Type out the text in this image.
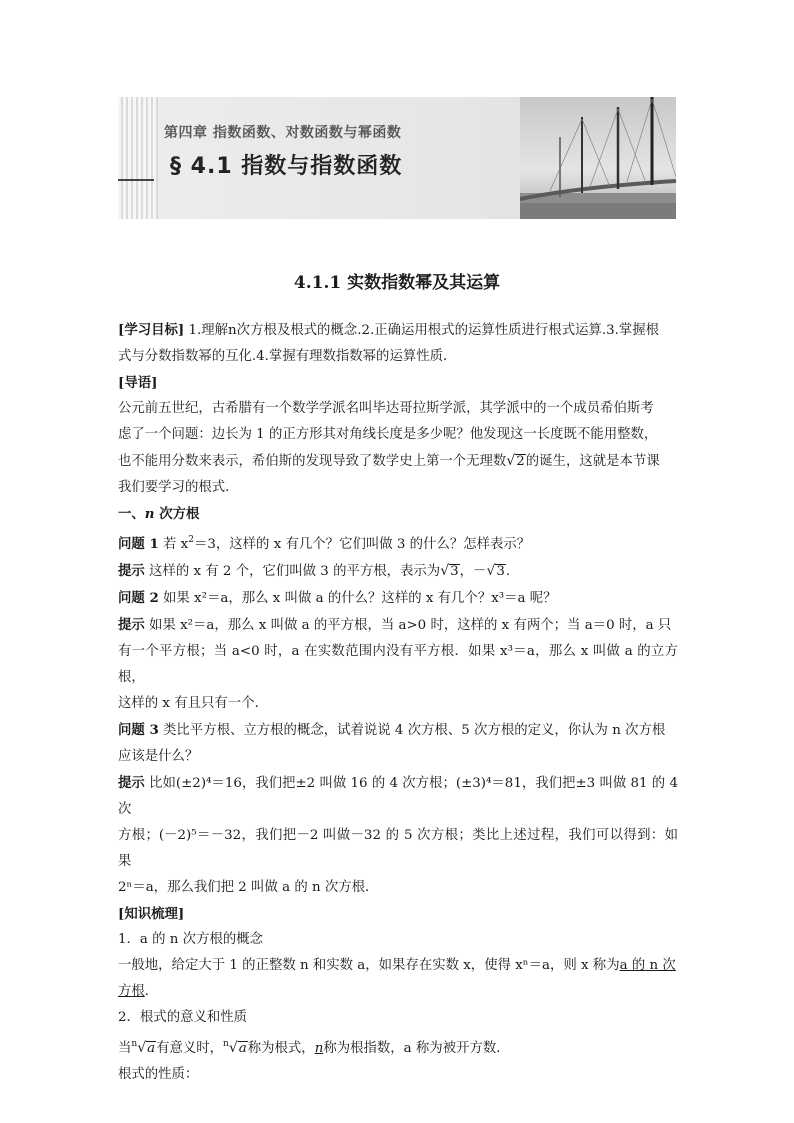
第四章 指数函数、对数函数与幂函数
§ 4.1 指数与指数函数
4.1.1 实数指数幂及其运算

[学习目标] 1.理解n次方根及根式的概念.2.正确运用根式的运算性质进行根式运算.3.掌握根

式与分数指数幂的互化.4.掌握有理数指数幂的运算性质．

[导语]

公元前五世纪，古希腊有一个数学学派名叫毕达哥拉斯学派，其学派中的一个成员希伯斯考

虑了一个问题：边长为 1 的正方形其对角线长度是多少呢？他发现这一长度既不能用整数，

也不能用分数来表示，希伯斯的发现导致了数学史上第一个无理数√2的诞生，这就是本节课

我们要学习的根式．

一、n 次方根

问题 1 若 $x^2=3$，这样的 x 有几个？它们叫做 3 的什么？怎样表示？

提示 这样的 x 有 2 个，它们叫做 3 的平方根，表示为√3，－√3.

问题 2 如果 x²＝a，那么 x 叫做 a 的什么？这样的 x 有几个？x³＝a 呢？

提示 如果 x²＝a，那么 x 叫做 a 的平方根，当 a>0 时，这样的 x 有两个；当 a＝0 时，a 只

有一个平方根；当 a<0 时，a 在实数范围内没有平方根．如果 x³＝a，那么 x 叫做 a 的立方根，

这样的 x 有且只有一个．

问题 3 类比平方根、立方根的概念，试着说说 4 次方根、5 次方根的定义，你认为 n 次方根

应该是什么？

提示 比如(±2)⁴＝16，我们把±2 叫做 16 的 4 次方根；(±3)⁴＝81，我们把±3 叫做 81 的 4 次

方根；(－2)⁵＝－32，我们把－2 叫做－32 的 5 次方根；类比上述过程，我们可以得到：如果

2ⁿ＝a，那么我们把 2 叫做 a 的 n 次方根．

[知识梳理]

1．a 的 n 次方根的概念

一般地，给定大于 1 的正整数 n 和实数 a，如果存在实数 x，使得 xⁿ＝a，则 x 称为a 的 n 次

方根．

2．根式的意义和性质

当$^n$√a有意义时，$^n$√a称为根式，n称为根指数，a 称为被开方数．

根式的性质：
